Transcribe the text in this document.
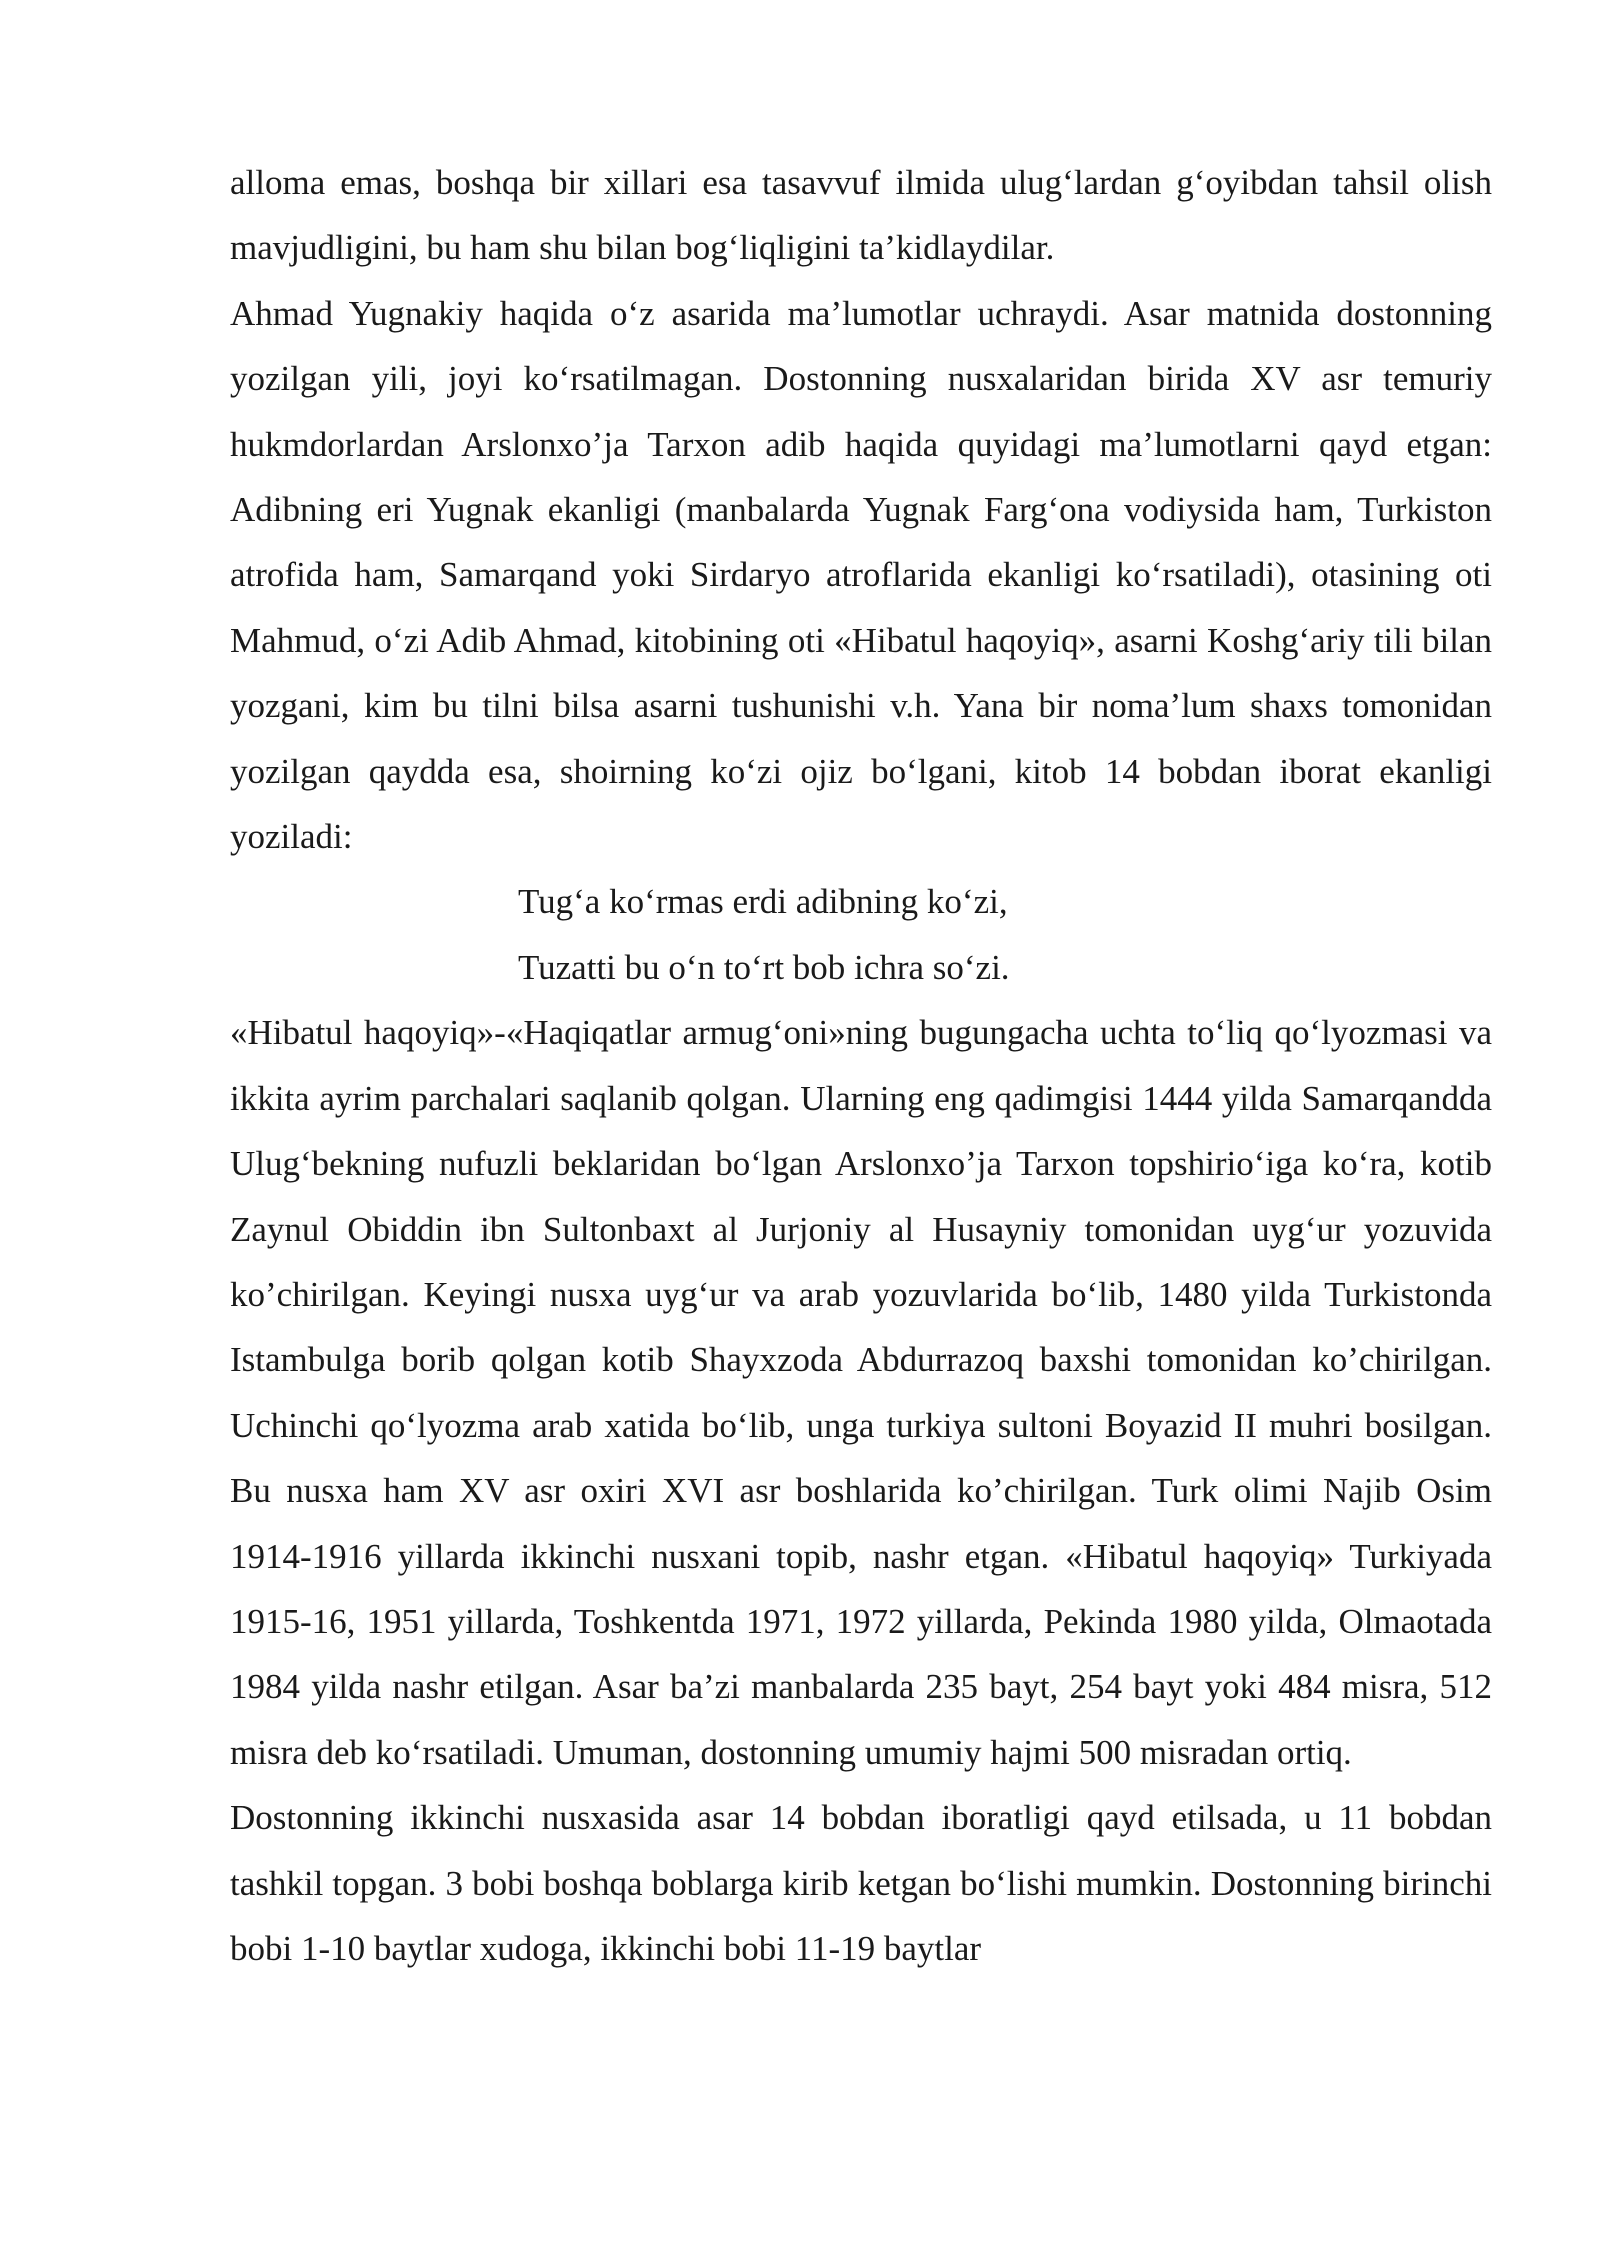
alloma emas, boshqa bir xillari esa tasavvuf ilmida ulug‘lardan g‘oyibdan tahsil olish mavjudligini, bu ham shu bilan bog‘liqligini ta’kidlaydilar.

Ahmad Yugnakiy haqida o‘z asarida ma’lumotlar uchraydi. Asar matnida dostonning yozilgan yili, joyi ko‘rsatilmagan. Dostonning nusxalaridan birida XV asr temuriy hukmdorlardan Arslonxo’ja Tarxon adib haqida quyidagi ma’lumotlarni qayd etgan: Adibning eri Yugnak ekanligi (manbalarda Yugnak Farg‘ona vodiysida ham, Turkiston atrofida ham, Samarqand yoki Sirdaryo atroflarida ekanligi ko‘rsatiladi), otasining oti Mahmud, o‘zi Adib Ahmad, kitobining oti «Hibatul haqoyiq», asarni Koshg‘ariy tili bilan yozgani, kim bu tilni bilsa asarni tushunishi v.h. Yana bir noma’lum shaxs tomonidan yozilgan qaydda esa, shoirning ko‘zi ojiz bo‘lgani, kitob 14 bobdan iborat ekanligi yoziladi:

Tug‘a ko‘rmas erdi adibning ko‘zi,

Tuzatti bu o‘n to‘rt bob ichra so‘zi.

«Hibatul haqoyiq»-«Haqiqatlar armug‘oni»ning bugungacha uchta to‘liq qo‘lyozmasi va ikkita ayrim parchalari saqlanib qolgan. Ularning eng qadimgisi 1444 yilda Samarqandda Ulug‘bekning nufuzli beklaridan bo‘lgan Arslonxo’ja Tarxon topshirio‘iga ko‘ra, kotib Zaynul Obiddin ibn Sultonbaxt al Jurjoniy al Husayniy tomonidan uyg‘ur yozuvida ko’chirilgan. Keyingi nusxa uyg‘ur va arab yozuvlarida bo‘lib, 1480 yilda Turkistonda Istambulga borib qolgan kotib Shayxzoda Abdurrazoq baxshi tomonidan ko’chirilgan. Uchinchi qo‘lyozma arab xatida bo‘lib, unga turkiya sultoni Boyazid II muhri bosilgan. Bu nusxa ham XV asr oxiri XVI asr boshlarida ko’chirilgan. Turk olimi Najib Osim 1914-1916 yillarda ikkinchi nusxani topib, nashr etgan. «Hibatul haqoyiq» Turkiyada 1915-16, 1951 yillarda, Toshkentda 1971, 1972 yillarda, Pekinda 1980 yilda, Olmaotada 1984 yilda nashr etilgan. Asar ba’zi manbalarda 235 bayt, 254 bayt yoki 484 misra, 512 misra deb ko‘rsatiladi. Umuman, dostonning umumiy hajmi 500 misradan ortiq.

Dostonning ikkinchi nusxasida asar 14 bobdan iboratligi qayd etilsada, u 11 bobdan tashkil topgan. 3 bobi boshqa boblarga kirib ketgan bo‘lishi mumkin. Dostonning birinchi bobi 1-10 baytlar xudoga, ikkinchi bobi 11-19 baytlar
